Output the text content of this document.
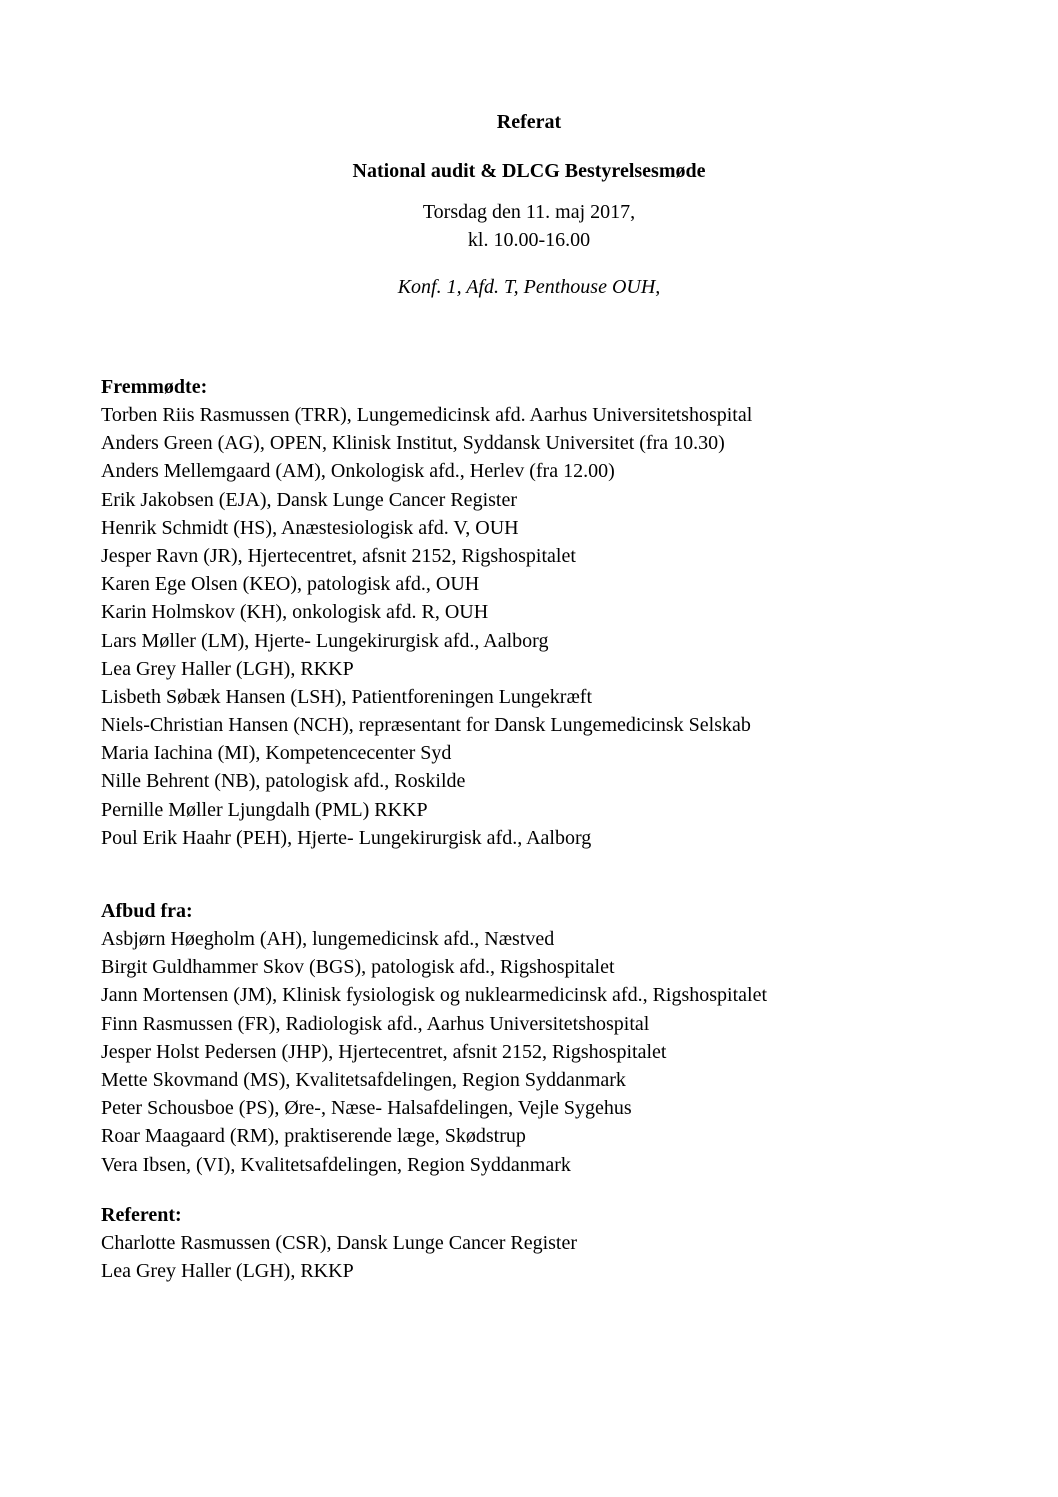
Referat
National audit & DLCG Bestyrelsesmøde
Torsdag den 11. maj 2017,
kl. 10.00-16.00
Konf. 1, Afd. T, Penthouse OUH,
Fremmødte:
Torben Riis Rasmussen (TRR), Lungemedicinsk afd. Aarhus Universitetshospital
Anders Green (AG), OPEN, Klinisk Institut, Syddansk Universitet (fra 10.30)
Anders Mellemgaard (AM), Onkologisk afd., Herlev (fra 12.00)
Erik Jakobsen (EJA), Dansk Lunge Cancer Register
Henrik Schmidt (HS), Anæstesiologisk afd. V, OUH
Jesper Ravn (JR), Hjertecentret, afsnit 2152, Rigshospitalet
Karen Ege Olsen (KEO), patologisk afd., OUH
Karin Holmskov (KH), onkologisk afd. R, OUH
Lars Møller (LM), Hjerte- Lungekirurgisk afd., Aalborg
Lea Grey Haller (LGH), RKKP
Lisbeth Søbæk Hansen (LSH), Patientforeningen Lungekræft
Niels-Christian Hansen (NCH), repræsentant for Dansk Lungemedicinsk Selskab
Maria Iachina (MI), Kompetencecenter Syd
Nille Behrent (NB), patologisk afd., Roskilde
Pernille Møller Ljungdalh (PML) RKKP
Poul Erik Haahr (PEH), Hjerte- Lungekirurgisk afd., Aalborg
Afbud fra:
Asbjørn Høegholm (AH), lungemedicinsk afd., Næstved
Birgit Guldhammer Skov (BGS), patologisk afd., Rigshospitalet
Jann Mortensen (JM), Klinisk fysiologisk og nuklearmedicinsk afd., Rigshospitalet
Finn Rasmussen (FR), Radiologisk afd., Aarhus Universitetshospital
Jesper Holst Pedersen (JHP), Hjertecentret, afsnit 2152, Rigshospitalet
Mette Skovmand (MS), Kvalitetsafdelingen, Region Syddanmark
Peter Schousboe (PS), Øre-, Næse- Halsafdelingen, Vejle Sygehus
Roar Maagaard (RM), praktiserende læge, Skødstrup
Vera Ibsen, (VI), Kvalitetsafdelingen, Region Syddanmark
Referent:
Charlotte Rasmussen (CSR), Dansk Lunge Cancer Register
Lea Grey Haller (LGH), RKKP
